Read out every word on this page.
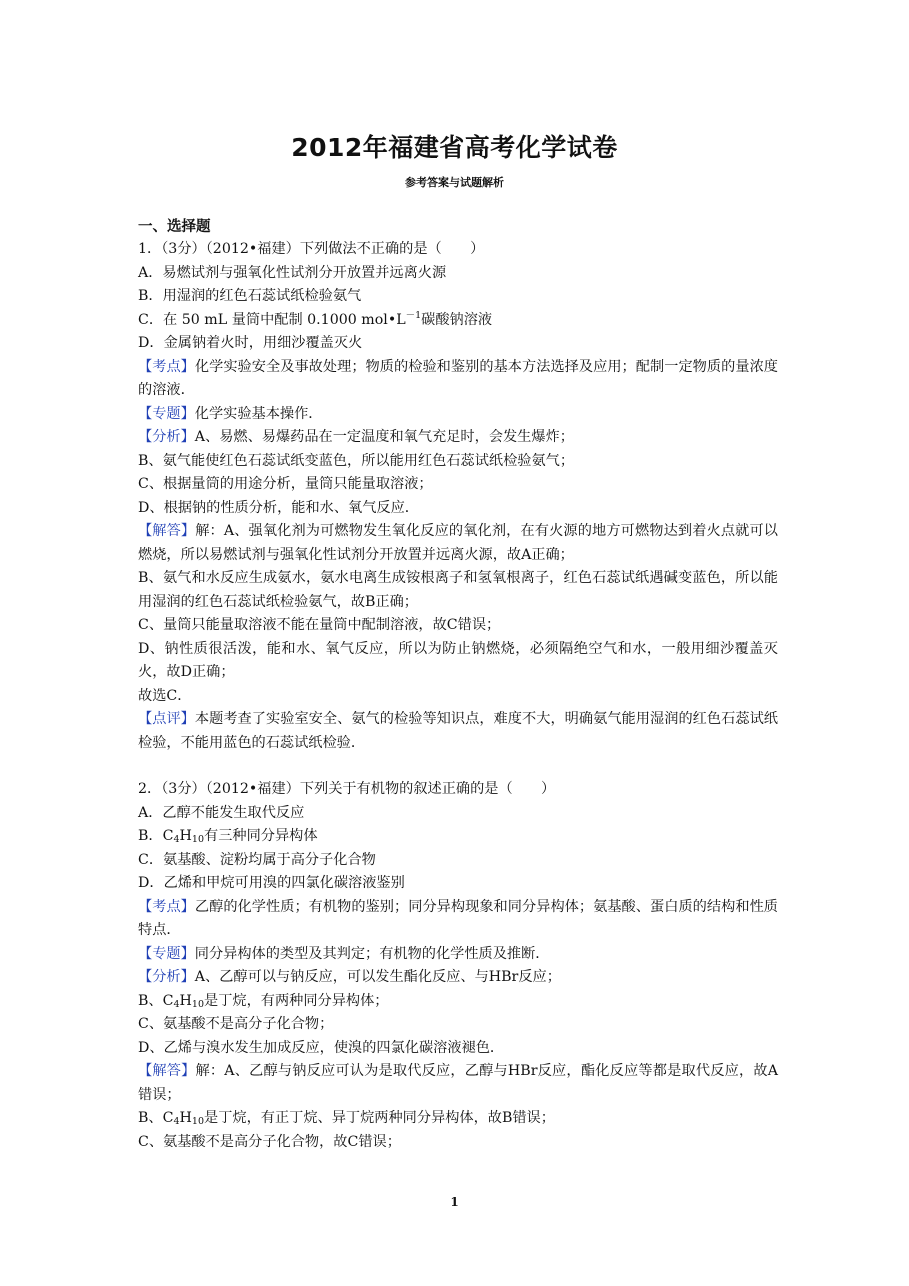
2012年福建省高考化学试卷
参考答案与试题解析
一、选择题
1．（3分）（2012•福建）下列做法不正确的是（　　）
A．易燃试剂与强氧化性试剂分开放置并远离火源
B．用湿润的红色石蕊试纸检验氨气
C．在 50 mL 量筒中配制 0.1000 $mol•L^{-1}$碳酸钠溶液
D．金属钠着火时，用细沙覆盖灭火
【考点】化学实验安全及事故处理；物质的检验和鉴别的基本方法选择及应用；配制一定物质的量浓度的溶液．
【专题】化学实验基本操作．
【分析】A、易燃、易爆药品在一定温度和氧气充足时，会发生爆炸；
B、氨气能使红色石蕊试纸变蓝色，所以能用红色石蕊试纸检验氨气；
C、根据量筒的用途分析，量筒只能量取溶液；
D、根据钠的性质分析，能和水、氧气反应．
【解答】解：A、强氧化剂为可燃物发生氧化反应的氧化剂，在有火源的地方可燃物达到着火点就可以燃烧，所以易燃试剂与强氧化性试剂分开放置并远离火源，故A正确；
B、氨气和水反应生成氨水，氨水电离生成铵根离子和氢氧根离子，红色石蕊试纸遇碱变蓝色，所以能用湿润的红色石蕊试纸检验氨气，故B正确；
C、量筒只能量取溶液不能在量筒中配制溶液，故C错误；
D、钠性质很活泼，能和水、氧气反应，所以为防止钠燃烧，必须隔绝空气和水，一般用细沙覆盖灭火，故D正确；
故选C．
【点评】本题考查了实验室安全、氨气的检验等知识点，难度不大，明确氨气能用湿润的红色石蕊试纸检验，不能用蓝色的石蕊试纸检验．
2．（3分）（2012•福建）下列关于有机物的叙述正确的是（　　）
A．乙醇不能发生取代反应
B．$C_4H_{10}$有三种同分异构体
C．氨基酸、淀粉均属于高分子化合物
D．乙烯和甲烷可用溴的四氯化碳溶液鉴别
【考点】乙醇的化学性质；有机物的鉴别；同分异构现象和同分异构体；氨基酸、蛋白质的结构和性质特点．
【专题】同分异构体的类型及其判定；有机物的化学性质及推断．
【分析】A、乙醇可以与钠反应，可以发生酯化反应、与HBr反应；
B、$C_4H_{10}$是丁烷，有两种同分异构体；
C、氨基酸不是高分子化合物；
D、乙烯与溴水发生加成反应，使溴的四氯化碳溶液褪色．
【解答】解：A、乙醇与钠反应可认为是取代反应，乙醇与HBr反应，酯化反应等都是取代反应，故A错误；
B、$C_4H_{10}$是丁烷，有正丁烷、异丁烷两种同分异构体，故B错误；
C、氨基酸不是高分子化合物，故C错误；
1
